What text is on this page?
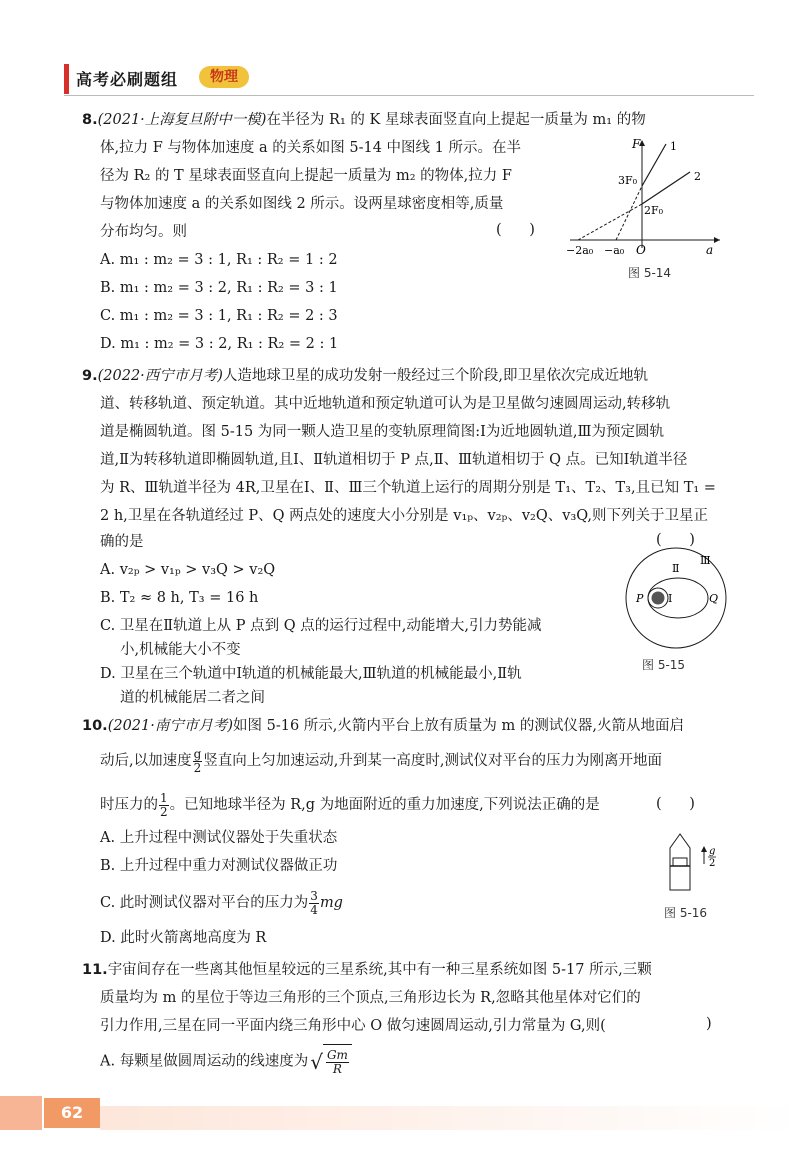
高考必刷题组	物理
8.(2021·上海复旦附中一模)在半径为 R₁ 的 K 星球表面竖直向上提起一质量为 m₁ 的物
体,拉力 F 与物体加速度 a 的关系如图 5-14 中图线 1 所示。在半
径为 R₂ 的 T 星球表面竖直向上提起一质量为 m₂ 的物体,拉力 F
与物体加速度 a 的关系如图线 2 所示。设两星球密度相等,质量
分布均匀。则	(      )
A. m₁ : m₂ = 3 : 1, R₁ : R₂ = 1 : 2
B. m₁ : m₂ = 3 : 2, R₁ : R₂ = 3 : 1
C. m₁ : m₂ = 3 : 1, R₁ : R₂ = 2 : 3
D. m₁ : m₂ = 3 : 2, R₁ : R₂ = 2 : 1
F
a
O
1
2
3F₀
2F₀
−2a₀ −a₀
图 5-14
9.(2022·西宁市月考)人造地球卫星的成功发射一般经过三个阶段,即卫星依次完成近地轨
道、转移轨道、预定轨道。其中近地轨道和预定轨道可认为是卫星做匀速圆周运动,转移轨
道是椭圆轨道。图 5-15 为同一颗人造卫星的变轨原理简图:Ⅰ为近地圆轨道,Ⅲ为预定圆轨
道,Ⅱ为转移轨道即椭圆轨道,且Ⅰ、Ⅱ轨道相切于 P 点,Ⅱ、Ⅲ轨道相切于 Q 点。已知Ⅰ轨道半径
为 R、Ⅲ轨道半径为 4R,卫星在Ⅰ、Ⅱ、Ⅲ三个轨道上运行的周期分别是 T₁、T₂、T₃,且已知 T₁ =
2 h,卫星在各轨道经过 P、Q 两点处的速度大小分别是 v₁ₚ、v₂ₚ、v₂Q、v₃Q,则下列关于卫星正
确的是	(      )
A. v₂ₚ > v₁ₚ > v₃Q > v₂Q
B. T₂ ≈ 8 h, T₃ = 16 h
C. 卫星在Ⅱ轨道上从 P 点到 Q 点的运行过程中,动能增大,引力势能减
小,机械能大小不变
D. 卫星在三个轨道中Ⅰ轨道的机械能最大,Ⅲ轨道的机械能最小,Ⅱ轨
道的机械能居二者之间
Ⅲ
Ⅱ
Ⅰ
P	Q
图 5-15
10.(2021·南宁市月考)如图 5-16 所示,火箭内平台上放有质量为 m 的测试仪器,火箭从地面启
动后,以加速度 $\frac{g}{2}$ 竖直向上匀加速运动,升到某一高度时,测试仪对平台的压力为刚离开地面
时压力的 $\frac{1}{2}$ 。已知地球半径为 R,g 为地面附近的重力加速度,下列说法正确的是	(      )
A. 上升过程中测试仪器处于失重状态
B. 上升过程中重力对测试仪器做正功
C. 此时测试仪器对平台的压力为 $\frac{3}{4}$ mg
D. 此时火箭离地高度为 R
g
2
图 5-16
11.宇宙间存在一些离其他恒星较远的三星系统,其中有一种三星系统如图 5-17 所示,三颗
质量均为 m 的星位于等边三角形的三个顶点,三角形边长为 R,忽略其他星体对它们的
引力作用,三星在同一平面内绕三角形中心 O 做匀速圆周运动,引力常量为 G,则(	)
A. 每颗星做圆周运动的线速度为 √ $\frac{Gm}{R}$
62
